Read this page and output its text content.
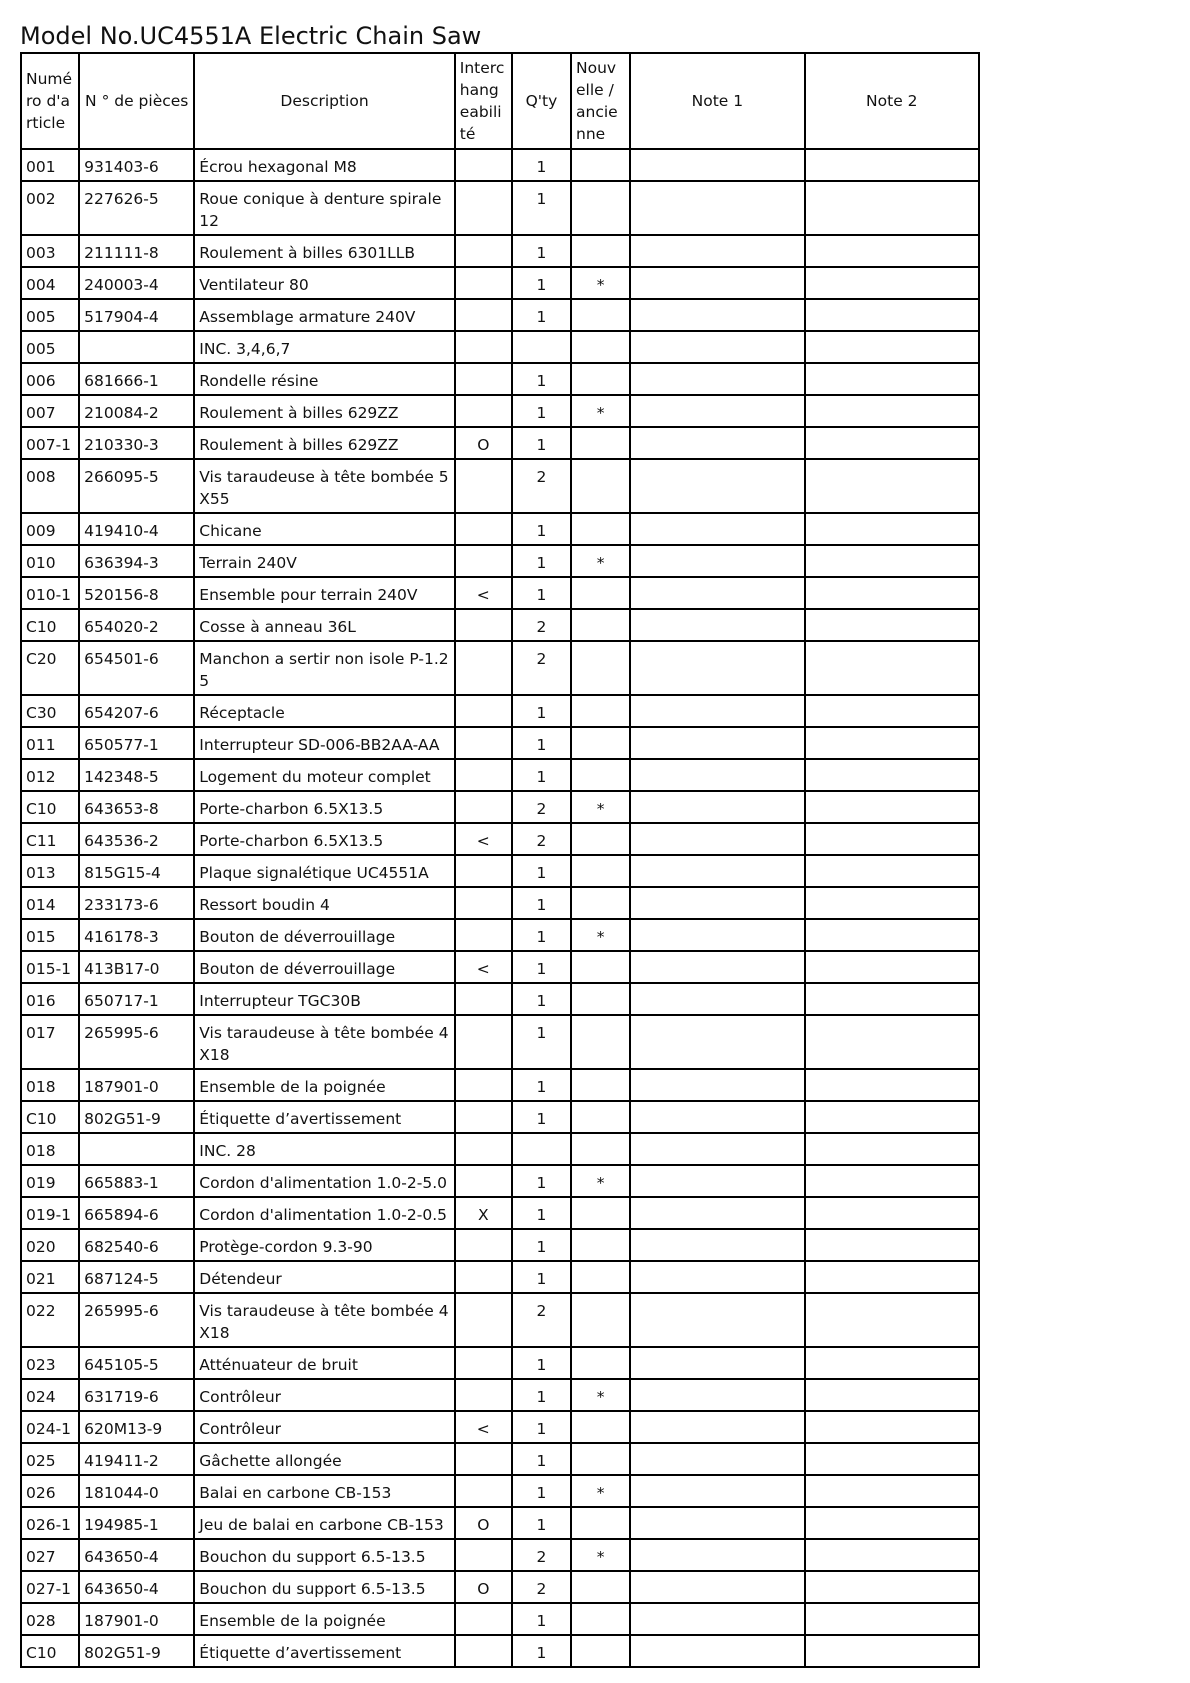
Model No.UC4551A Electric Chain Saw
Numéro d'article	N ° de pièces	Description	Interchangeabilité	Q'ty	Nouvelle / ancienne	Note 1	Note 2
001	931403-6	Écrou hexagonal M8		1			
002	227626-5	Roue conique à denture spirale 12		1			
003	211111-8	Roulement à billes 6301LLB		1			
004	240003-4	Ventilateur 80		1	*		
005	517904-4	Assemblage armature 240V		1			
005		INC. 3,4,6,7					
006	681666-1	Rondelle résine		1			
007	210084-2	Roulement à billes 629ZZ		1	*		
007-1	210330-3	Roulement à billes 629ZZ	O	1			
008	266095-5	Vis taraudeuse à tête bombée 5X55		2			
009	419410-4	Chicane		1			
010	636394-3	Terrain 240V		1	*		
010-1	520156-8	Ensemble pour terrain 240V	<	1			
C10	654020-2	Cosse à anneau 36L		2			
C20	654501-6	Manchon a sertir non isole P-1.25		2			
C30	654207-6	Réceptacle		1			
011	650577-1	Interrupteur SD-006-BB2AA-AA		1			
012	142348-5	Logement du moteur complet		1			
C10	643653-8	Porte-charbon 6.5X13.5		2	*		
C11	643536-2	Porte-charbon 6.5X13.5	<	2			
013	815G15-4	Plaque signalétique UC4551A		1			
014	233173-6	Ressort boudin 4		1			
015	416178-3	Bouton de déverrouillage		1	*		
015-1	413B17-0	Bouton de déverrouillage	<	1			
016	650717-1	Interrupteur TGC30B		1			
017	265995-6	Vis taraudeuse à tête bombée 4X18		1			
018	187901-0	Ensemble de la poignée		1			
C10	802G51-9	Étiquette d’avertissement		1			
018		INC. 28					
019	665883-1	Cordon d'alimentation 1.0-2-5.0		1	*		
019-1	665894-6	Cordon d'alimentation 1.0-2-0.5	X	1			
020	682540-6	Protège-cordon 9.3-90		1			
021	687124-5	Détendeur		1			
022	265995-6	Vis taraudeuse à tête bombée 4X18		2			
023	645105-5	Atténuateur de bruit		1			
024	631719-6	Contrôleur		1	*		
024-1	620M13-9	Contrôleur	<	1			
025	419411-2	Gâchette allongée		1			
026	181044-0	Balai en carbone CB-153		1	*		
026-1	194985-1	Jeu de balai en carbone CB-153	O	1			
027	643650-4	Bouchon du support 6.5-13.5		2	*		
027-1	643650-4	Bouchon du support 6.5-13.5	O	2			
028	187901-0	Ensemble de la poignée		1			
C10	802G51-9	Étiquette d’avertissement		1			
